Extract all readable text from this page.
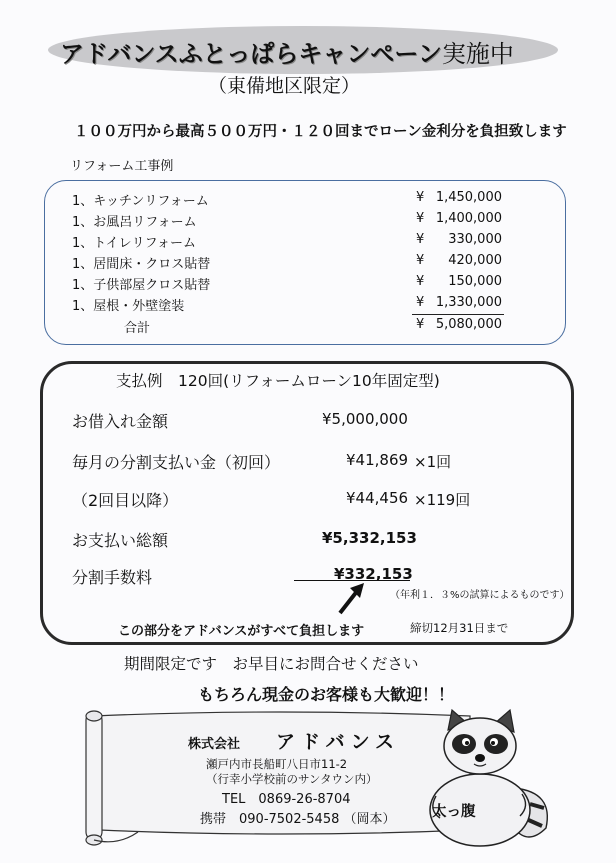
アドバンスふとっぱらキャンペーン実施中
（東備地区限定）
１００万円から最高５００万円・１２０回までローン金利分を負担致します
リフォーム工事例
1、キッチンリフォーム	¥ 1,450,000
1、お風呂リフォーム	¥ 1,400,000
1、トイレリフォーム	¥ 330,000
1、居間床・クロス貼替	¥ 420,000
1、子供部屋クロス貼替	¥ 150,000
1、屋根・外壁塗装	¥ 1,330,000
合計	¥ 5,080,000
支払例　120回(リフォームローン10年固定型)
お借入れ金額	¥5,000,000
毎月の分割支払い金（初回）	¥41,869 ×1回
（2回目以降）	¥44,456 ×119回
お支払い総額	¥5,332,153
分割手数料	¥332,153
（年利１．３%の試算によるものです）
この部分をアドバンスがすべて負担します	締切12月31日まで
期間限定です　お早目にお問合せください
もちろん現金のお客様も大歓迎！！
株式会社 アドバンス
瀬戸内市長船町八日市11-2
（行幸小学校前のサンタウン内）
TEL　0869-26-8704
携帯　090-7502-5458 （岡本）	太っ腹
